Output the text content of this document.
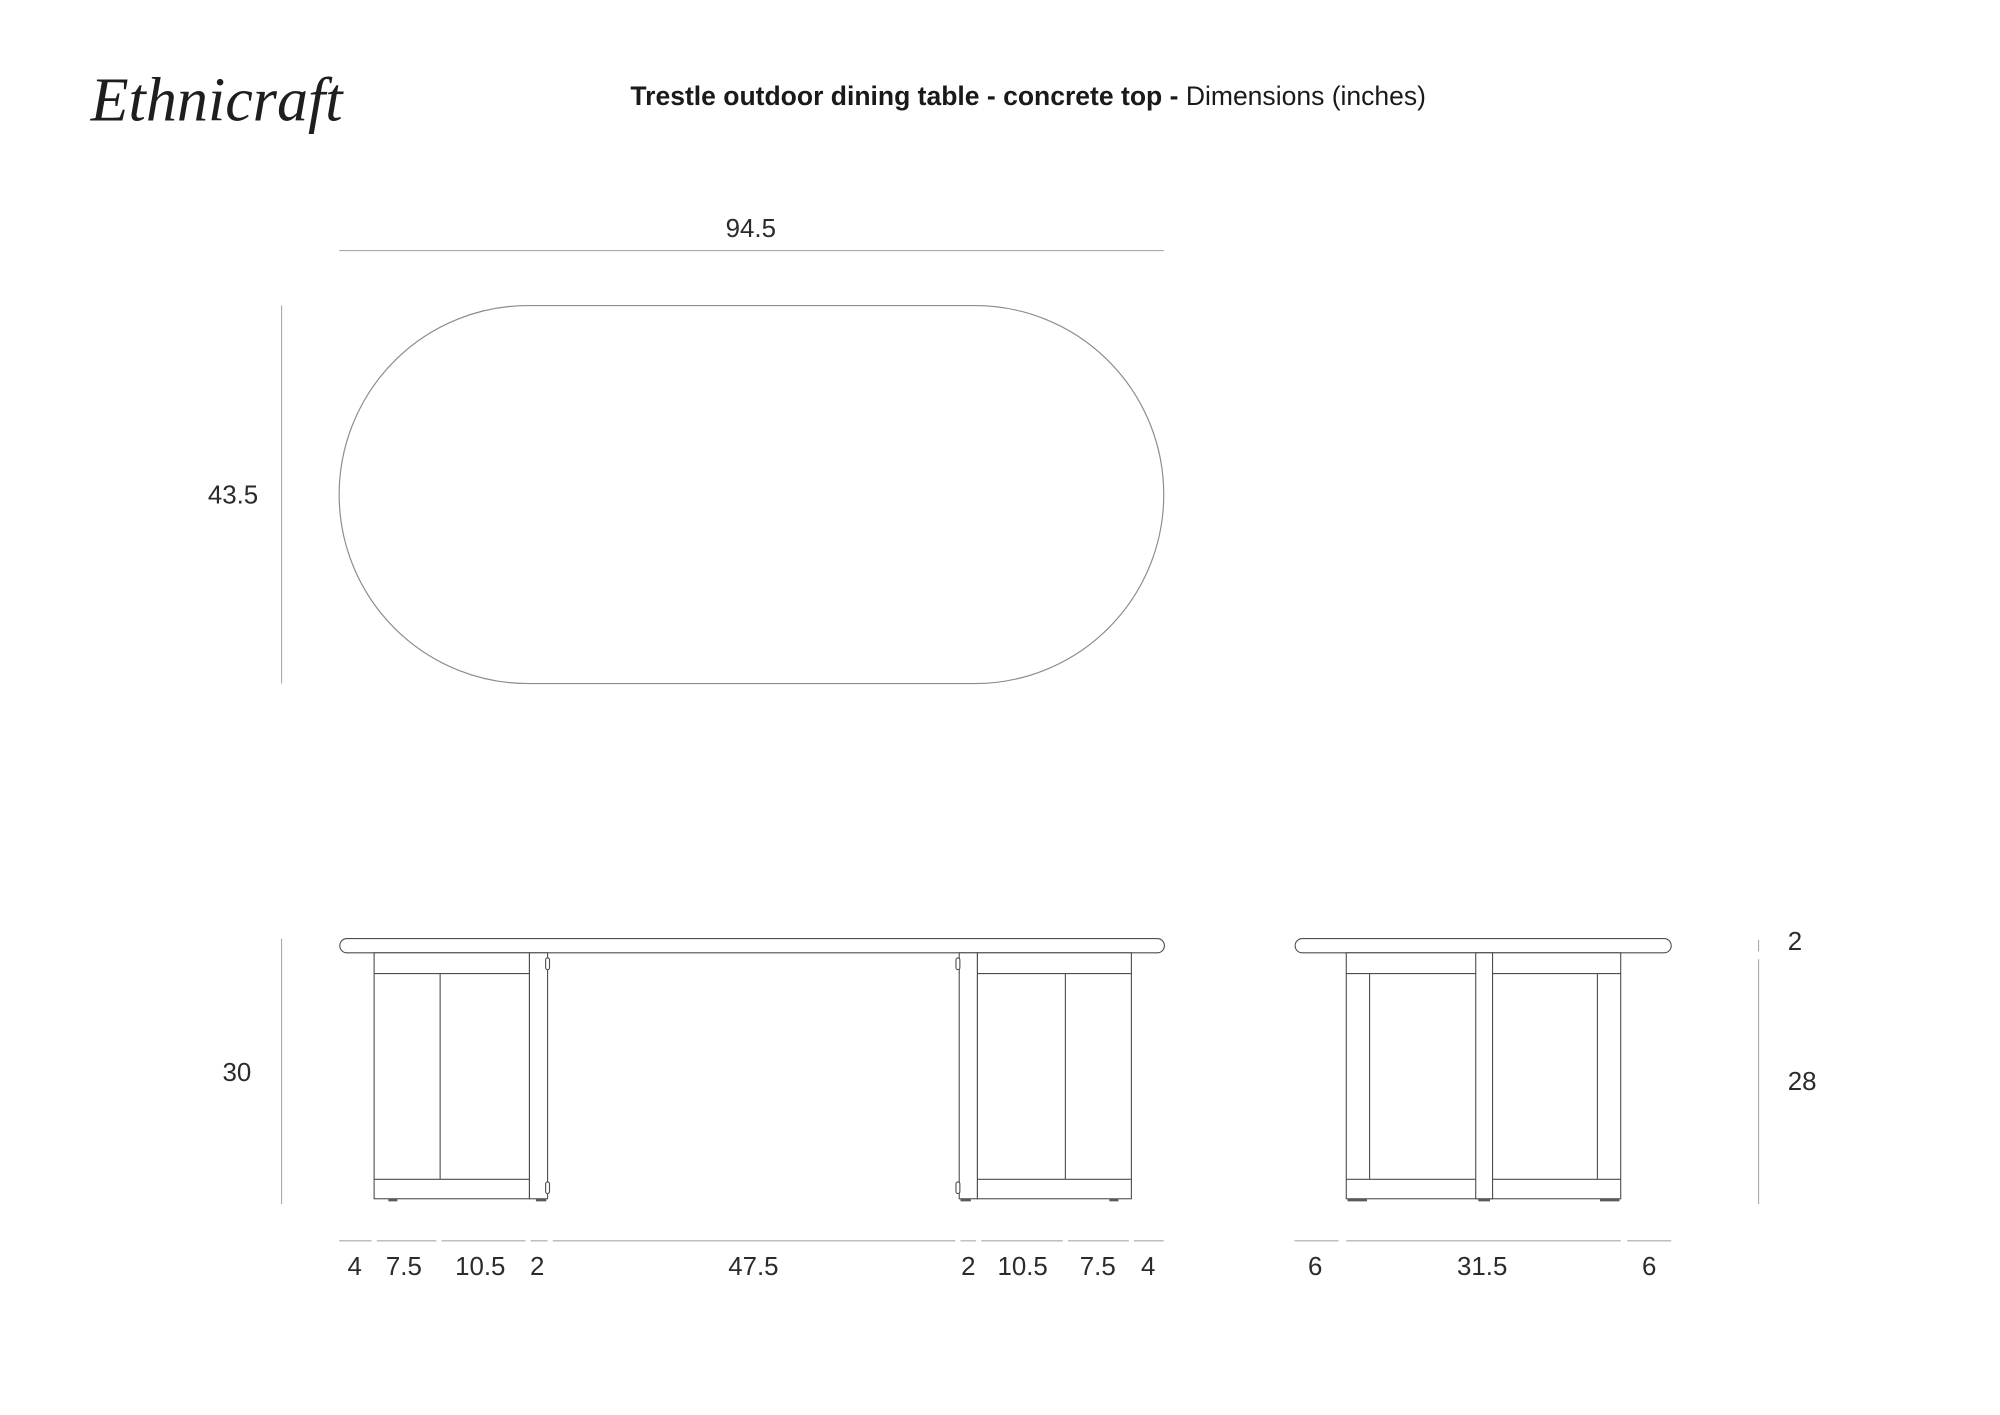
Ethnicraft	Trestle outdoor dining table - concrete top - Dimensions (inches)
94.5
43.5
30
4 7.5 10.5 2	47.5	2 10.5 7.5 4	6	31.5	6
2
28
